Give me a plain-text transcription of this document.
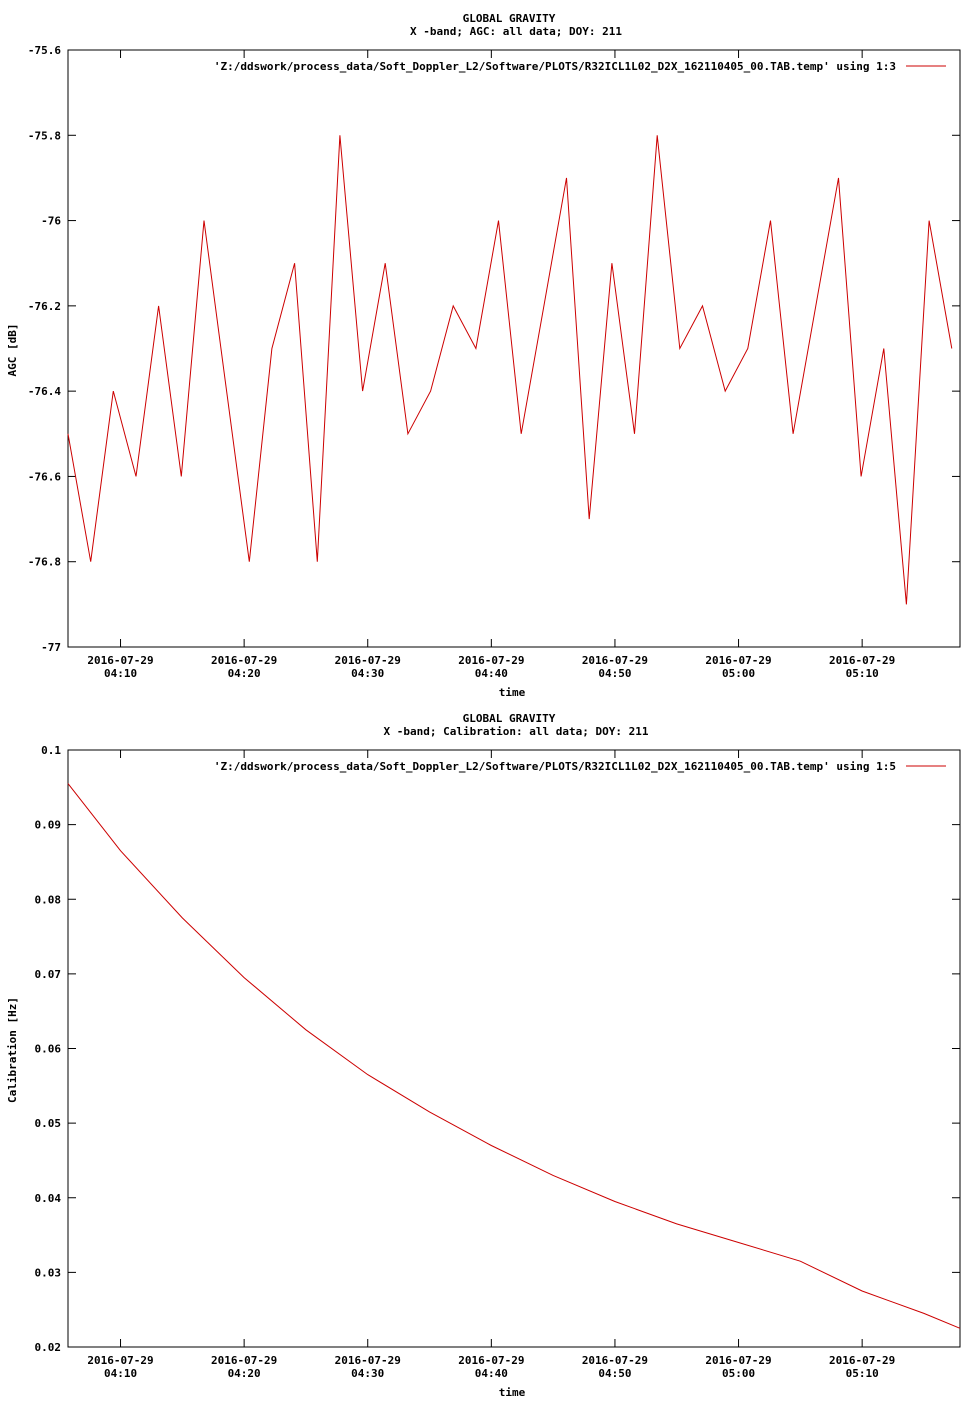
GLOBAL GRAVITY
X -band; AGC: all data; DOY: 211
AGC [dB]
time
-75.6
-75.8
-76
-76.2
-76.4
-76.6
-76.8
-77
2016-07-29
04:10
2016-07-29
04:20
2016-07-29
04:30
2016-07-29
04:40
2016-07-29
04:50
2016-07-29
05:00
2016-07-29
05:10
'Z:/ddswork/process_data/Soft_Doppler_L2/Software/PLOTS/R32ICL1L02_D2X_162110405_00.TAB.temp' using 1:3
GLOBAL GRAVITY
X -band; Calibration: all data; DOY: 211
Calibration [Hz]
time
0.1
0.09
0.08
0.07
0.06
0.05
0.04
0.03
0.02
2016-07-29
04:10
2016-07-29
04:20
2016-07-29
04:30
2016-07-29
04:40
2016-07-29
04:50
2016-07-29
05:00
2016-07-29
05:10
'Z:/ddswork/process_data/Soft_Doppler_L2/Software/PLOTS/R32ICL1L02_D2X_162110405_00.TAB.temp' using 1:5
